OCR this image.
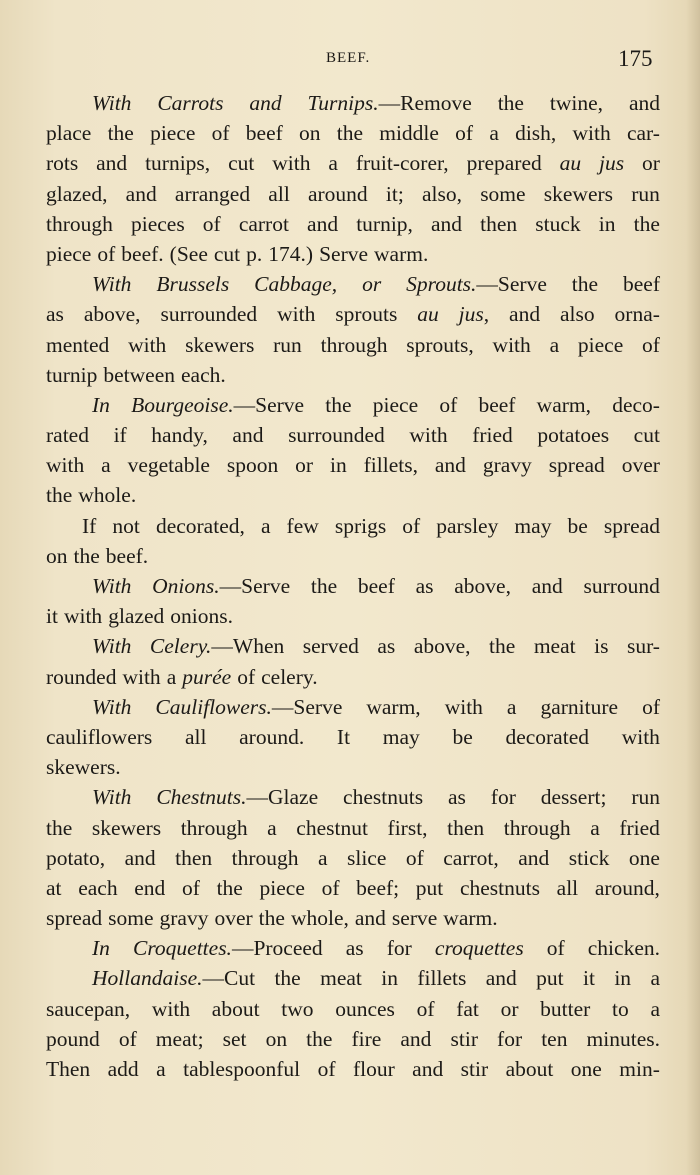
BEEF.	175
With Carrots and Turnips.—Remove the twine, and
place the piece of beef on the middle of a dish, with car-
rots and turnips, cut with a fruit-corer, prepared au jus or
glazed, and arranged all around it; also, some skewers run
through pieces of carrot and turnip, and then stuck in the
piece of beef. (See cut p. 174.) Serve warm.
With Brussels Cabbage, or Sprouts.—Serve the beef
as above, surrounded with sprouts au jus, and also orna-
mented with skewers run through sprouts, with a piece of
turnip between each.
In Bourgeoise.—Serve the piece of beef warm, deco-
rated if handy, and surrounded with fried potatoes cut
with a vegetable spoon or in fillets, and gravy spread over
the whole.
If not decorated, a few sprigs of parsley may be spread
on the beef.
With Onions.—Serve the beef as above, and surround
it with glazed onions.
With Celery.—When served as above, the meat is sur-
rounded with a purée of celery.
With Cauliflowers.—Serve warm, with a garniture of
cauliflowers all around. It may be decorated with
skewers.
With Chestnuts.—Glaze chestnuts as for dessert; run
the skewers through a chestnut first, then through a fried
potato, and then through a slice of carrot, and stick one
at each end of the piece of beef; put chestnuts all around,
spread some gravy over the whole, and serve warm.
In Croquettes.—Proceed as for croquettes of chicken.
Hollandaise.—Cut the meat in fillets and put it in a
saucepan, with about two ounces of fat or butter to a
pound of meat; set on the fire and stir for ten minutes.
Then add a tablespoonful of flour and stir about one min-
